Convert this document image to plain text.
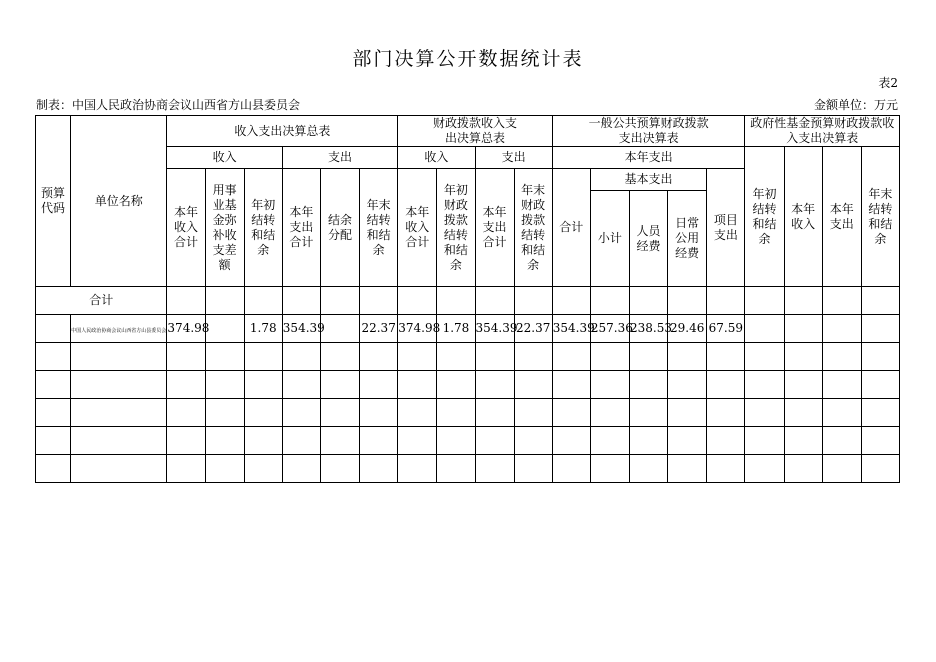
部门决算公开数据统计表
表2
制表：中国人民政治协商会议山西省方山县委员会	金额单位：万元
预算代码	单位名称	收入支出决算总表						财政拨款收入支出决算总表				一般公共预算财政拨款支出决算表					政府性基金预算财政拨款收入支出决算表			
		收入			支出			收入		支出		本年支出					年初结转和结余	本年收入	本年支出	年末结转和结余
		本年收入合计	用事业基金弥补收支差额	年初结转和结余	本年支出合计	结余分配	年末结转和结余	本年收入合计	年初财政拨款结转和结余	本年支出合计	年末财政拨款结转和结余	合计	基本支出			项目支出				
													小计	人员经费	日常公用经费					
合计																				
	中国人民政治协商会议山西省方山县委员会	374.98		1.78	354.39		22.37	374.98	1.78	354.39	22.37	354.39	257.36	238.53	29.46	67.59				
